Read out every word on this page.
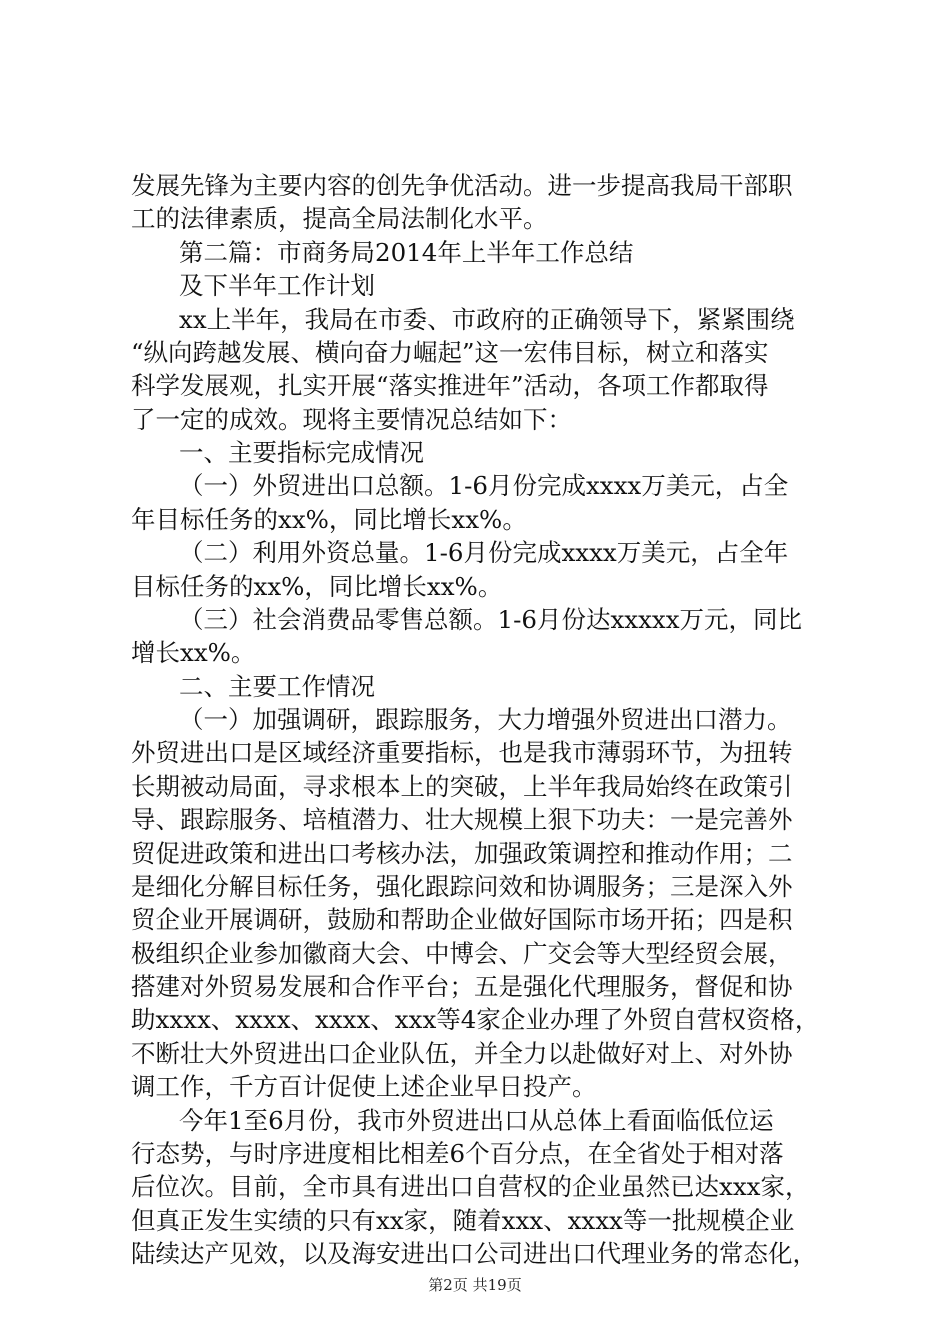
发展先锋为主要内容的创先争优活动。进一步提高我局干部职
工的法律素质，提高全局法制化水平。
第二篇：市商务局2014年上半年工作总结
及下半年工作计划
xx上半年，我局在市委、市政府的正确领导下，紧紧围绕
“纵向跨越发展、横向奋力崛起”这一宏伟目标，树立和落实
科学发展观，扎实开展“落实推进年”活动，各项工作都取得
了一定的成效。现将主要情况总结如下：
一、主要指标完成情况
（一）外贸进出口总额。1-6月份完成xxxx万美元，占全
年目标任务的xx%，同比增长xx%。
（二）利用外资总量。1-6月份完成xxxx万美元，占全年
目标任务的xx%，同比增长xx%。
（三）社会消费品零售总额。1-6月份达xxxxx万元，同比
增长xx%。
二、主要工作情况
（一）加强调研，跟踪服务，大力增强外贸进出口潜力。
外贸进出口是区域经济重要指标，也是我市薄弱环节，为扭转
长期被动局面，寻求根本上的突破，上半年我局始终在政策引
导、跟踪服务、培植潜力、壮大规模上狠下功夫：一是完善外
贸促进政策和进出口考核办法，加强政策调控和推动作用；二
是细化分解目标任务，强化跟踪问效和协调服务；三是深入外
贸企业开展调研，鼓励和帮助企业做好国际市场开拓；四是积
极组织企业参加徽商大会、中博会、广交会等大型经贸会展，
搭建对外贸易发展和合作平台；五是强化代理服务，督促和协
助xxxx、xxxx、xxxx、xxx等4家企业办理了外贸自营权资格，
不断壮大外贸进出口企业队伍，并全力以赴做好对上、对外协
调工作，千方百计促使上述企业早日投产。
今年1至6月份，我市外贸进出口从总体上看面临低位运
行态势，与时序进度相比相差6个百分点，在全省处于相对落
后位次。目前，全市具有进出口自营权的企业虽然已达xxx家，
第2页 共19页
但真正发生实绩的只有xx家，随着xxx、xxxx等一批规模企业
陆续达产见效，以及海安进出口公司进出口代理业务的常态化，
